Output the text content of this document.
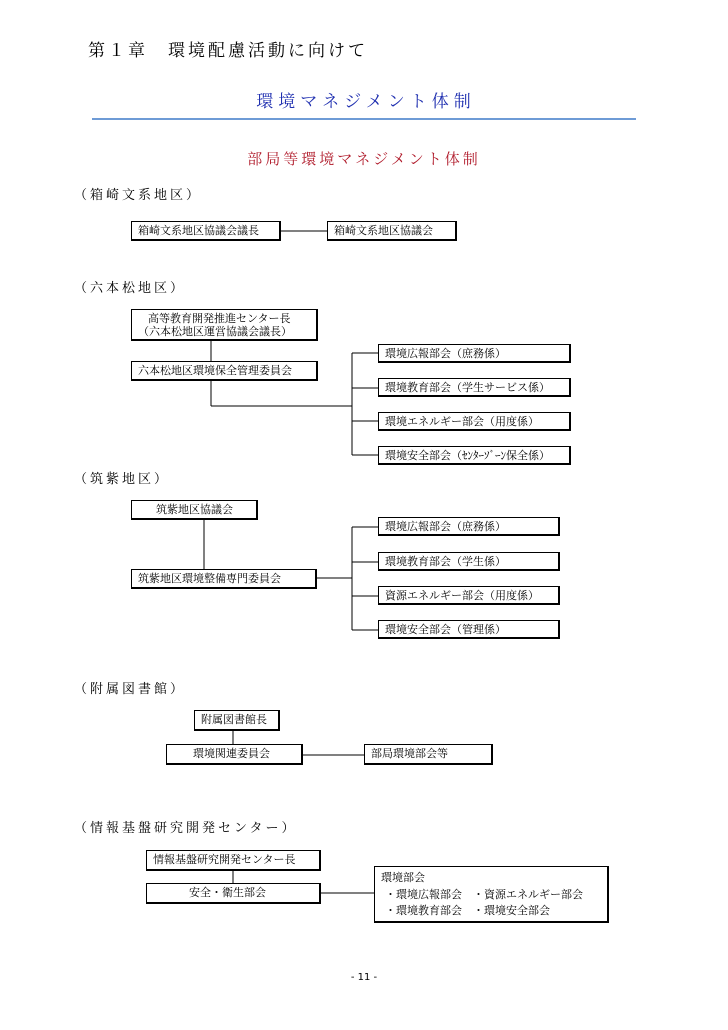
第１章　環境配慮活動に向けて
環境マネジメント体制
部局等環境マネジメント体制
（箱崎文系地区）
箱崎文系地区協議会議長	箱崎文系地区協議会
（六本松地区）
高等教育開発推進センター長
（六本松地区運営協議会議長）
六本松地区環境保全管理委員会
環境広報部会（庶務係）
環境教育部会（学生サービス係）
環境エネルギー部会（用度係）
環境安全部会（ｾﾝﾀｰｿﾞｰﾝ保全係）
（筑紫地区）
筑紫地区協議会
筑紫地区環境整備専門委員会
環境広報部会（庶務係）
環境教育部会（学生係）
資源エネルギー部会（用度係）
環境安全部会（管理係）
（附属図書館）
附属図書館長
環境関連委員会	部局環境部会等
（情報基盤研究開発センター）
情報基盤研究開発センター長
安全・衛生部会
環境部会
・環境広報部会　・資源エネルギー部会
・環境教育部会　・環境安全部会
- 11 -
